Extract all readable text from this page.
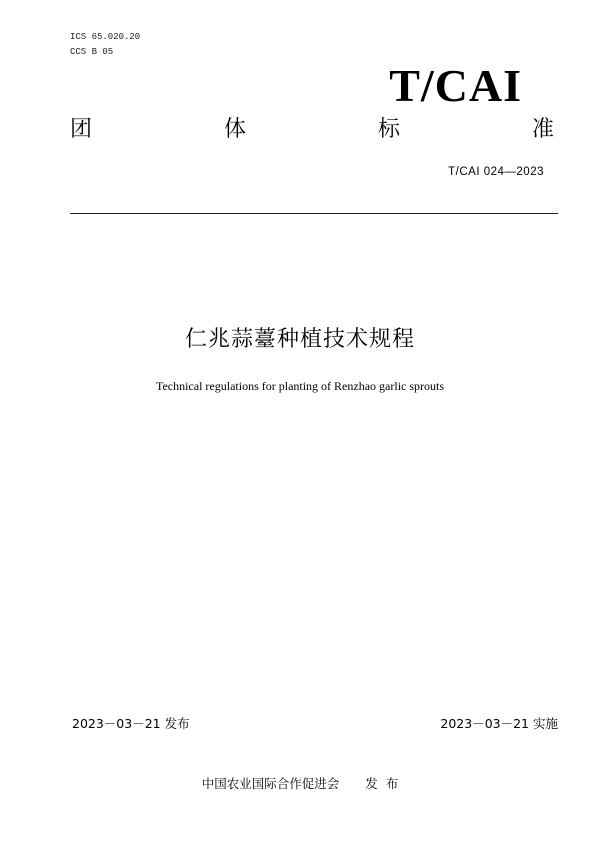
ICS 65.020.20
CCS B 05
T/CAI
团	体	标	准
T/CAI 024—2023
仁兆蒜薹种植技术规程
Technical regulations for planting of Renzhao garlic sprouts
2023－03－21 发布	2023－03－21 实施
中国农业国际合作促进会 发  布
